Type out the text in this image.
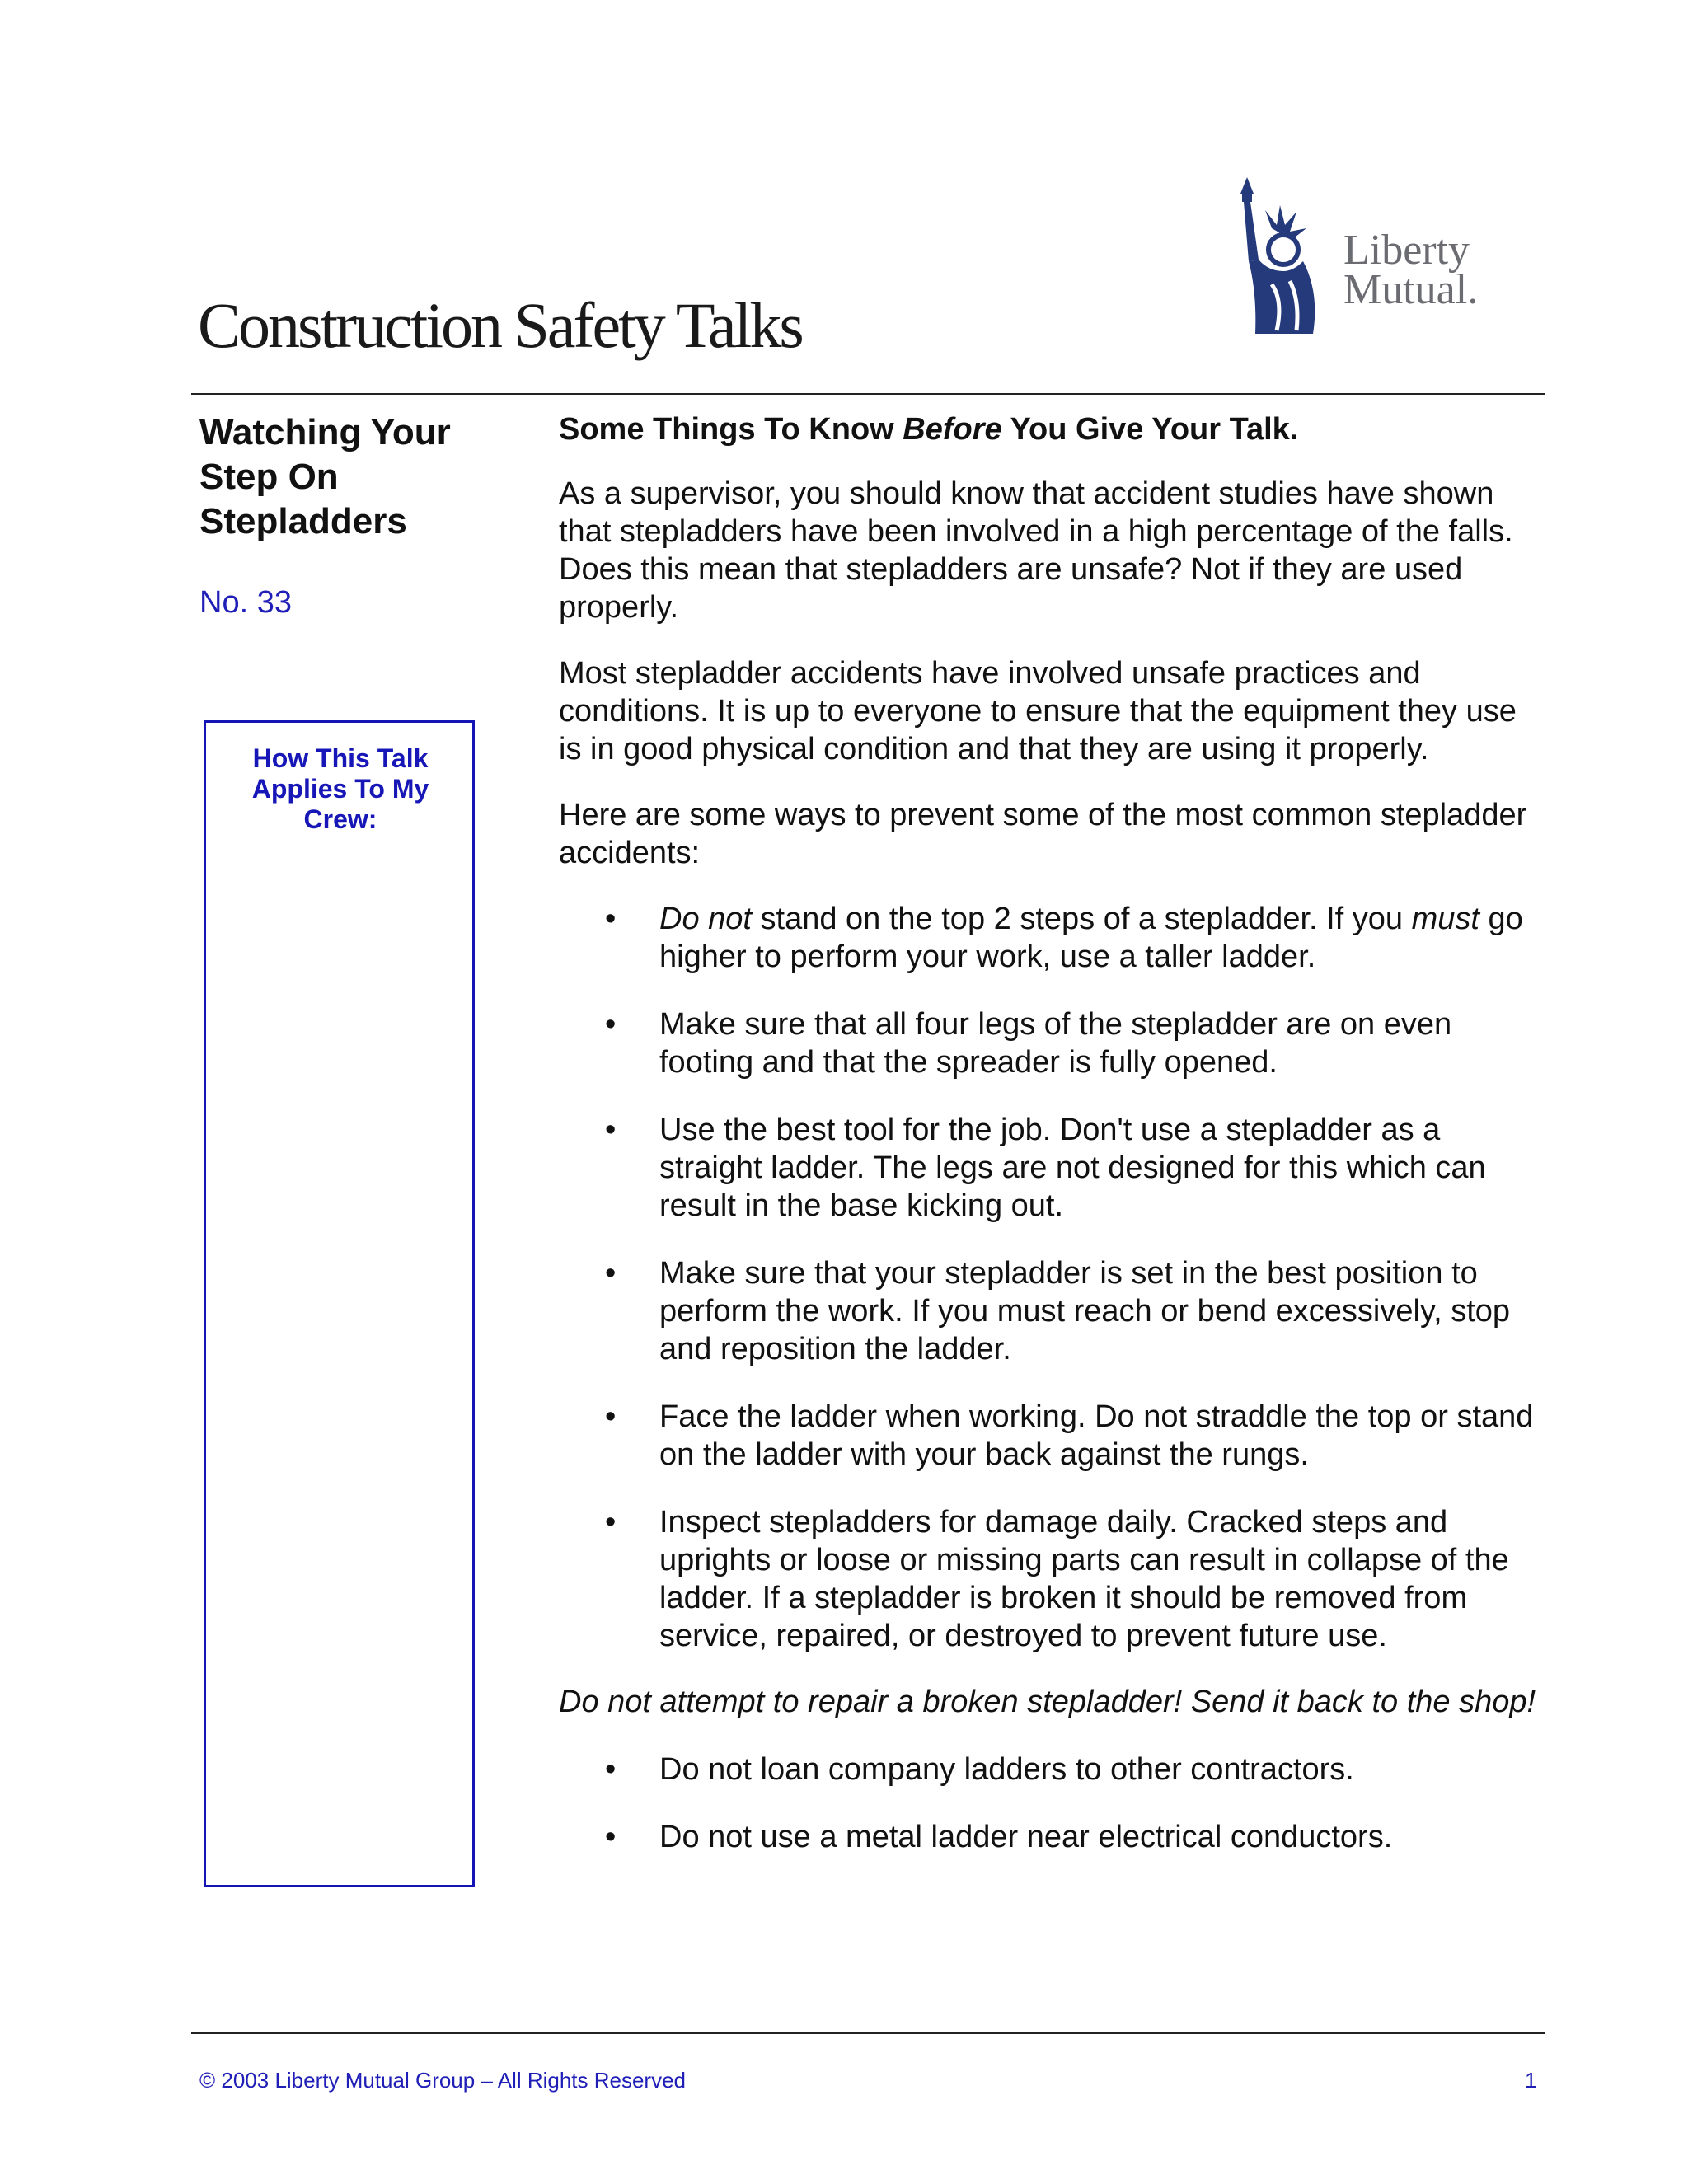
Construction Safety Talks
Liberty
Mutual.
Watching Your Step On Stepladders
No. 33
How This Talk Applies To My Crew:

Some Things To Know Before You Give Your Talk.

As a supervisor, you should know that accident studies have shown that stepladders have been involved in a high percentage of the falls. Does this mean that stepladders are unsafe? Not if they are used properly.

Most stepladder accidents have involved unsafe practices and conditions. It is up to everyone to ensure that the equipment they use is in good physical condition and that they are using it properly.

Here are some ways to prevent some of the most common stepladder accidents:

• Do not stand on the top 2 steps of a stepladder. If you must go higher to perform your work, use a taller ladder.
• Make sure that all four legs of the stepladder are on even footing and that the spreader is fully opened.
• Use the best tool for the job. Don't use a stepladder as a straight ladder. The legs are not designed for this which can result in the base kicking out.
• Make sure that your stepladder is set in the best position to perform the work. If you must reach or bend excessively, stop and reposition the ladder.
• Face the ladder when working. Do not straddle the top or stand on the ladder with your back against the rungs.
• Inspect stepladders for damage daily. Cracked steps and uprights or loose or missing parts can result in collapse of the ladder. If a stepladder is broken it should be removed from service, repaired, or destroyed to prevent future use.

Do not attempt to repair a broken stepladder! Send it back to the shop!

• Do not loan company ladders to other contractors.
• Do not use a metal ladder near electrical conductors.
© 2003 Liberty Mutual Group – All Rights Reserved	1
